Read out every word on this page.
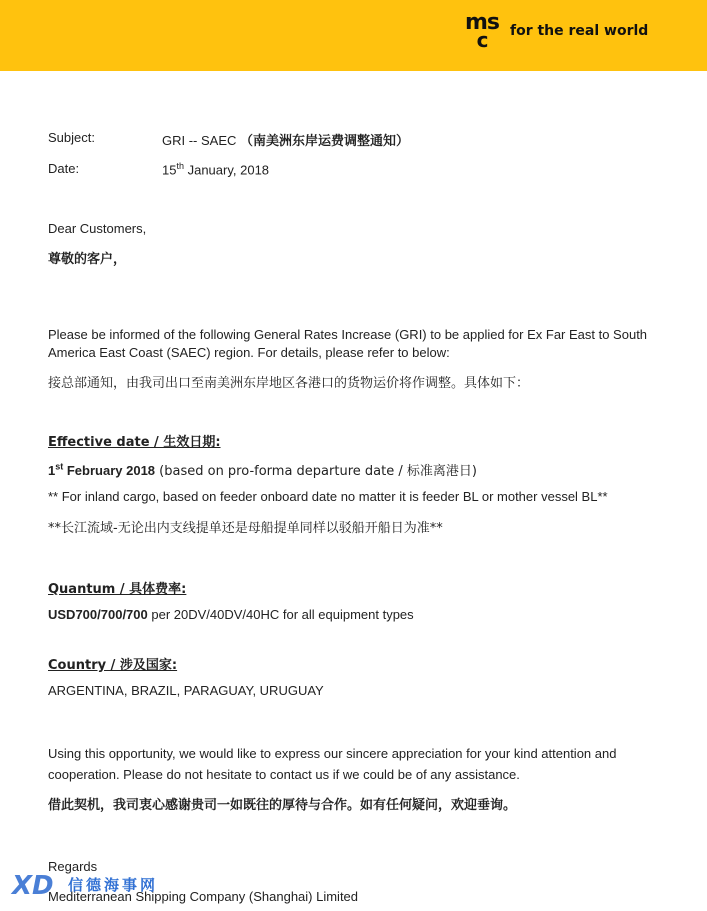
ms
c	for the real world
Subject:	GRI -- SAEC （南美洲东岸运费调整通知）
Date:	15th January, 2018
Dear Customers,
尊敬的客户，
Please be informed of the following General Rates Increase (GRI) to be applied for Ex Far East to South America East Coast (SAEC) region. For details, please refer to below:
接总部通知，由我司出口至南美洲东岸地区各港口的货物运价将作调整。具体如下：
Effective date / 生效日期:
1st February 2018 (based on pro-forma departure date / 标准离港日)
** For inland cargo, based on feeder onboard date no matter it is feeder BL or mother vessel BL**
**长江流域-无论出内支线提单还是母船提单同样以驳船开船日为准**
Quantum / 具体费率:
USD700/700/700 per 20DV/40DV/40HC for all equipment types
Country / 涉及国家:
ARGENTINA, BRAZIL, PARAGUAY, URUGUAY
Using this opportunity, we would like to express our sincere appreciation for your kind attention and cooperation. Please do not hesitate to contact us if we could be of any assistance.
借此契机，我司衷心感谢贵司一如既往的厚待与合作。如有任何疑问，欢迎垂询。
Regards
Mediterranean Shipping Company (Shanghai) Limited
XD 信德海事网
